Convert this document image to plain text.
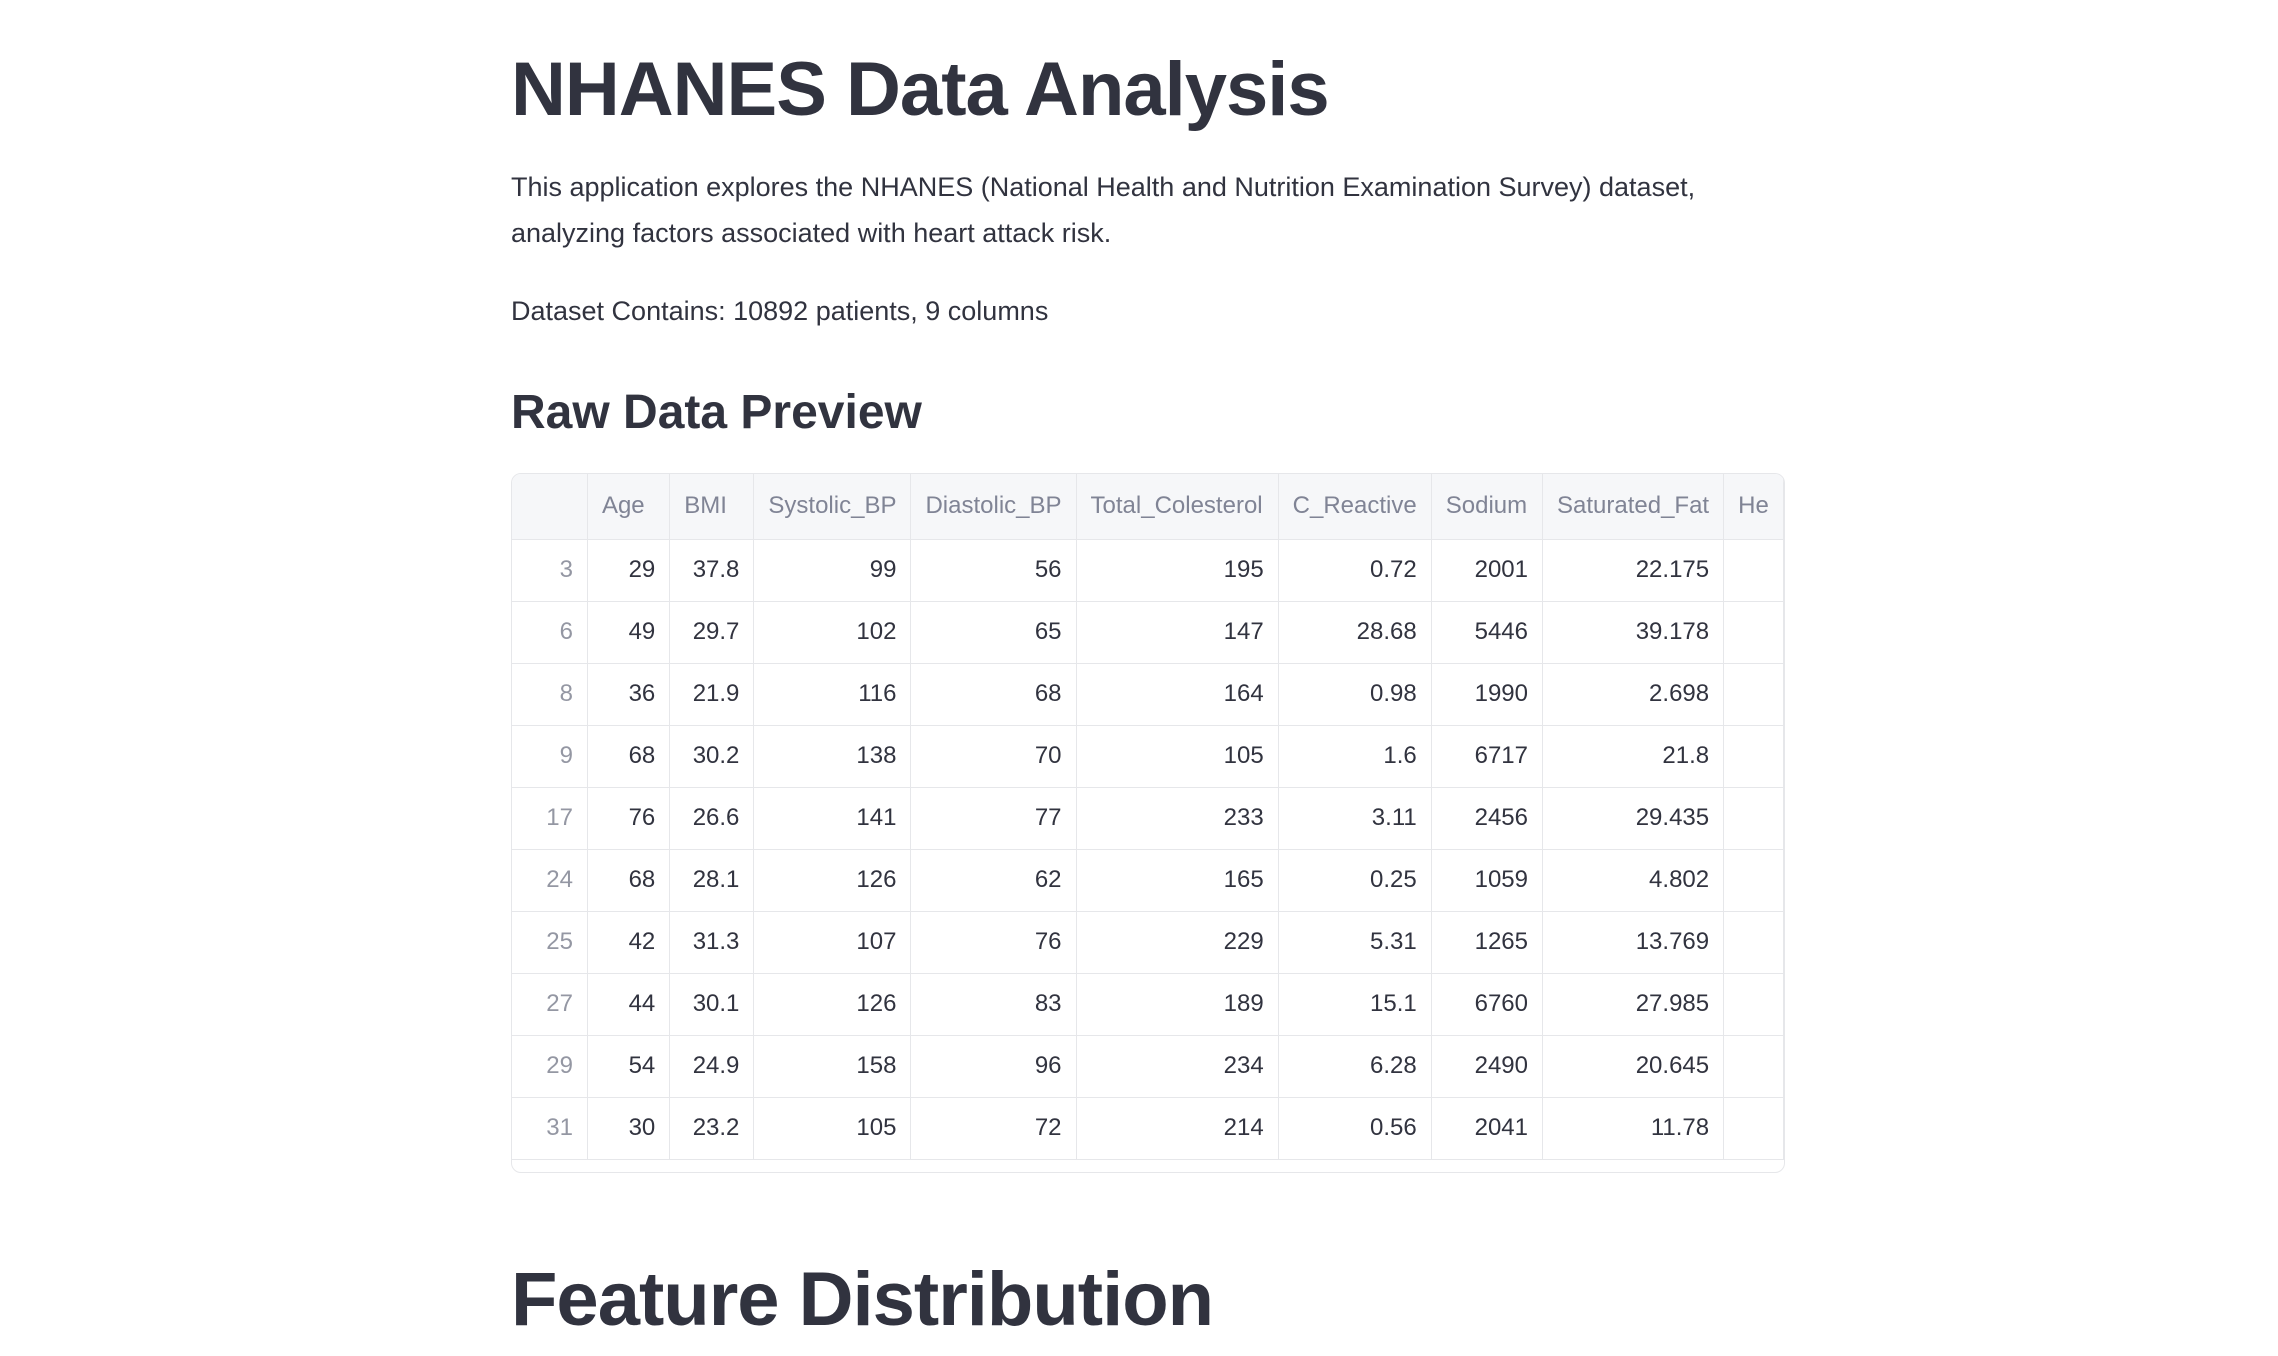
NHANES Data Analysis
This application explores the NHANES (National Health and Nutrition Examination Survey) dataset, analyzing factors associated with heart attack risk.
Dataset Contains: 10892 patients, 9 columns
Raw Data Preview
	Age	BMI	Systolic_BP	Diastolic_BP	Total_Colesterol	C_Reactive	Sodium	Saturated_Fat	He
3	29	37.8	99	56	195	0.72	2001	22.175	
6	49	29.7	102	65	147	28.68	5446	39.178	
8	36	21.9	116	68	164	0.98	1990	2.698	
9	68	30.2	138	70	105	1.6	6717	21.8	
17	76	26.6	141	77	233	3.11	2456	29.435	
24	68	28.1	126	62	165	0.25	1059	4.802	
25	42	31.3	107	76	229	5.31	1265	13.769	
27	44	30.1	126	83	189	15.1	6760	27.985	
29	54	24.9	158	96	234	6.28	2490	20.645	
31	30	23.2	105	72	214	0.56	2041	11.78	
Feature Distribution
